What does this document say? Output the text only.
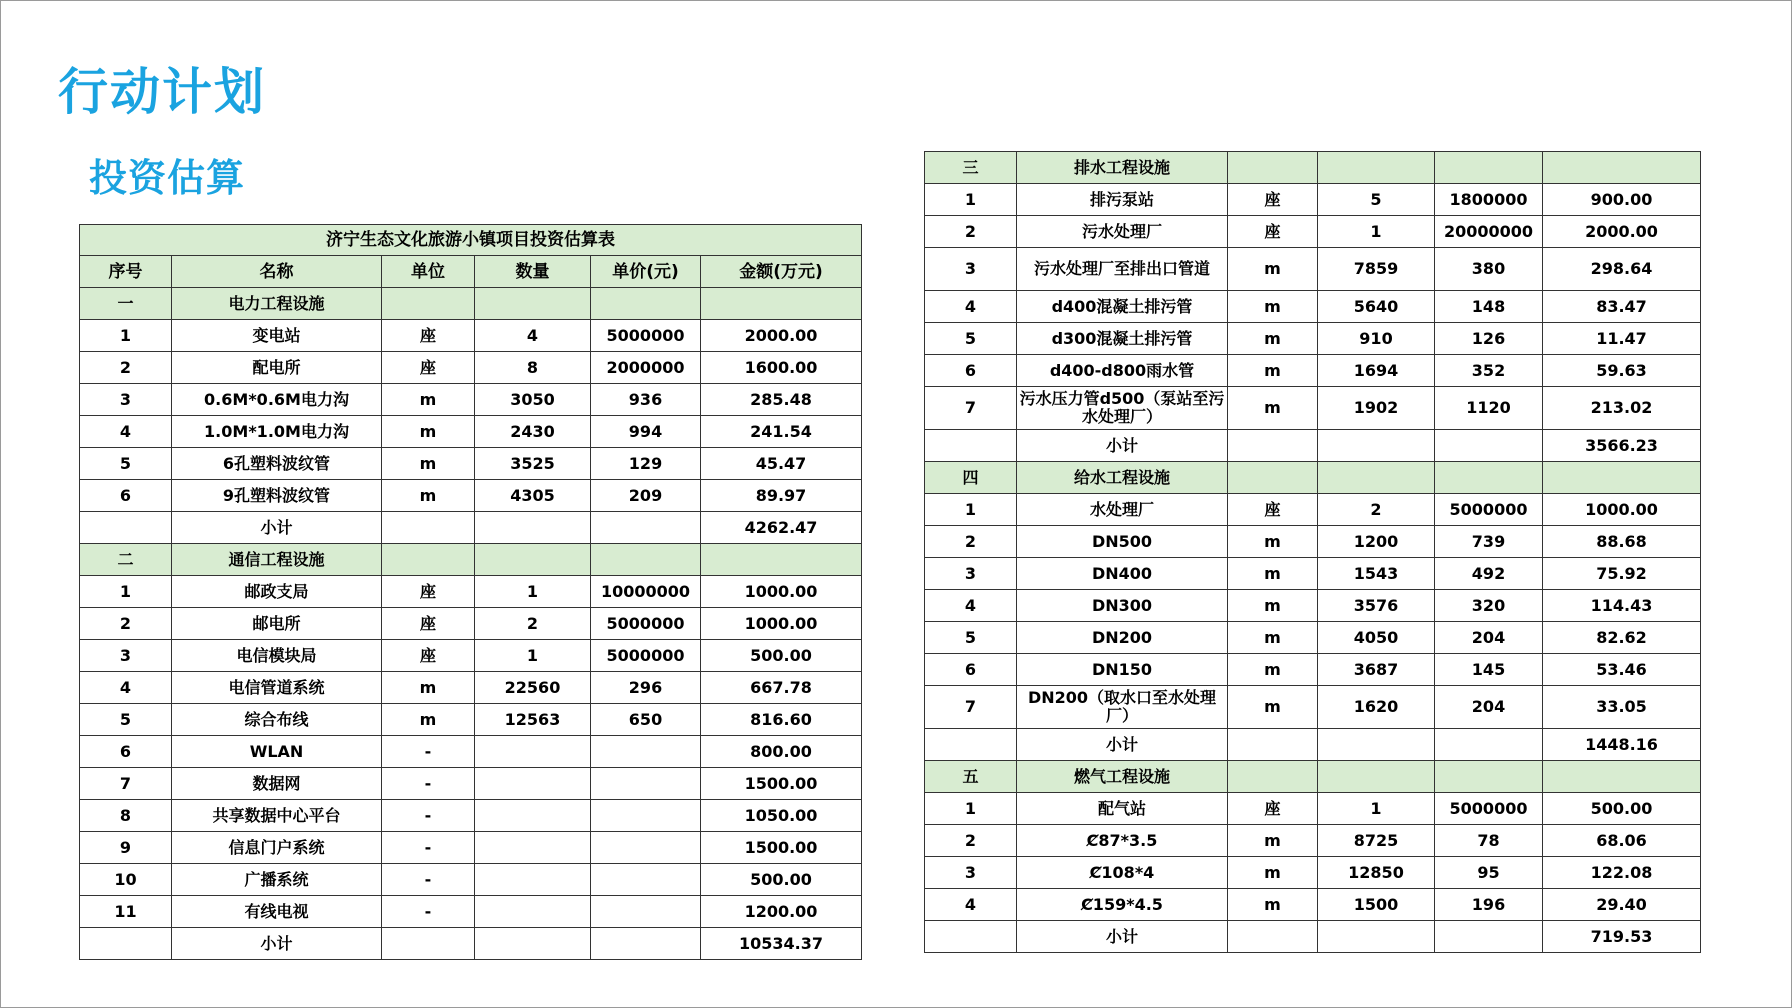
行动计划
投资估算
济宁生态文化旅游小镇项目投资估算表					
序号	名称	单位	数量	单价(元)	金额(万元)
一	电力工程设施				
1	变电站	座	4	5000000	2000.00
2	配电所	座	8	2000000	1600.00
3	0.6M*0.6M电力沟	m	3050	936	285.48
4	1.0M*1.0M电力沟	m	2430	994	241.54
5	6孔塑料波纹管	m	3525	129	45.47
6	9孔塑料波纹管	m	4305	209	89.97
	小计				4262.47
二	通信工程设施				
1	邮政支局	座	1	10000000	1000.00
2	邮电所	座	2	5000000	1000.00
3	电信模块局	座	1	5000000	500.00
4	电信管道系统	m	22560	296	667.78
5	综合布线	m	12563	650	816.60
6	WLAN	-			800.00
7	数据网	-			1500.00
8	共享数据中心平台	-			1050.00
9	信息门户系统	-			1500.00
10	广播系统	-			500.00
11	有线电视	-			1200.00
	小计				10534.37
三	排水工程设施				
1	排污泵站	座	5	1800000	900.00
2	污水处理厂	座	1	20000000	2000.00
3	污水处理厂至排出口管道	m	7859	380	298.64
4	d400混凝土排污管	m	5640	148	83.47
5	d300混凝土排污管	m	910	126	11.47
6	d400-d800雨水管	m	1694	352	59.63
7	污水压力管d500（泵站至污水处理厂）	m	1902	1120	213.02
	小计				3566.23
四	给水工程设施				
1	水处理厂	座	2	5000000	1000.00
2	DN500	m	1200	739	88.68
3	DN400	m	1543	492	75.92
4	DN300	m	3576	320	114.43
5	DN200	m	4050	204	82.62
6	DN150	m	3687	145	53.46
7	DN200（取水口至水处理厂）	m	1620	204	33.05
	小计				1448.16
五	燃气工程设施				
1	配气站	座	1	5000000	500.00
2	Ȼ87*3.5	m	8725	78	68.06
3	Ȼ108*4	m	12850	95	122.08
4	Ȼ159*4.5	m	1500	196	29.40
	小计				719.53
